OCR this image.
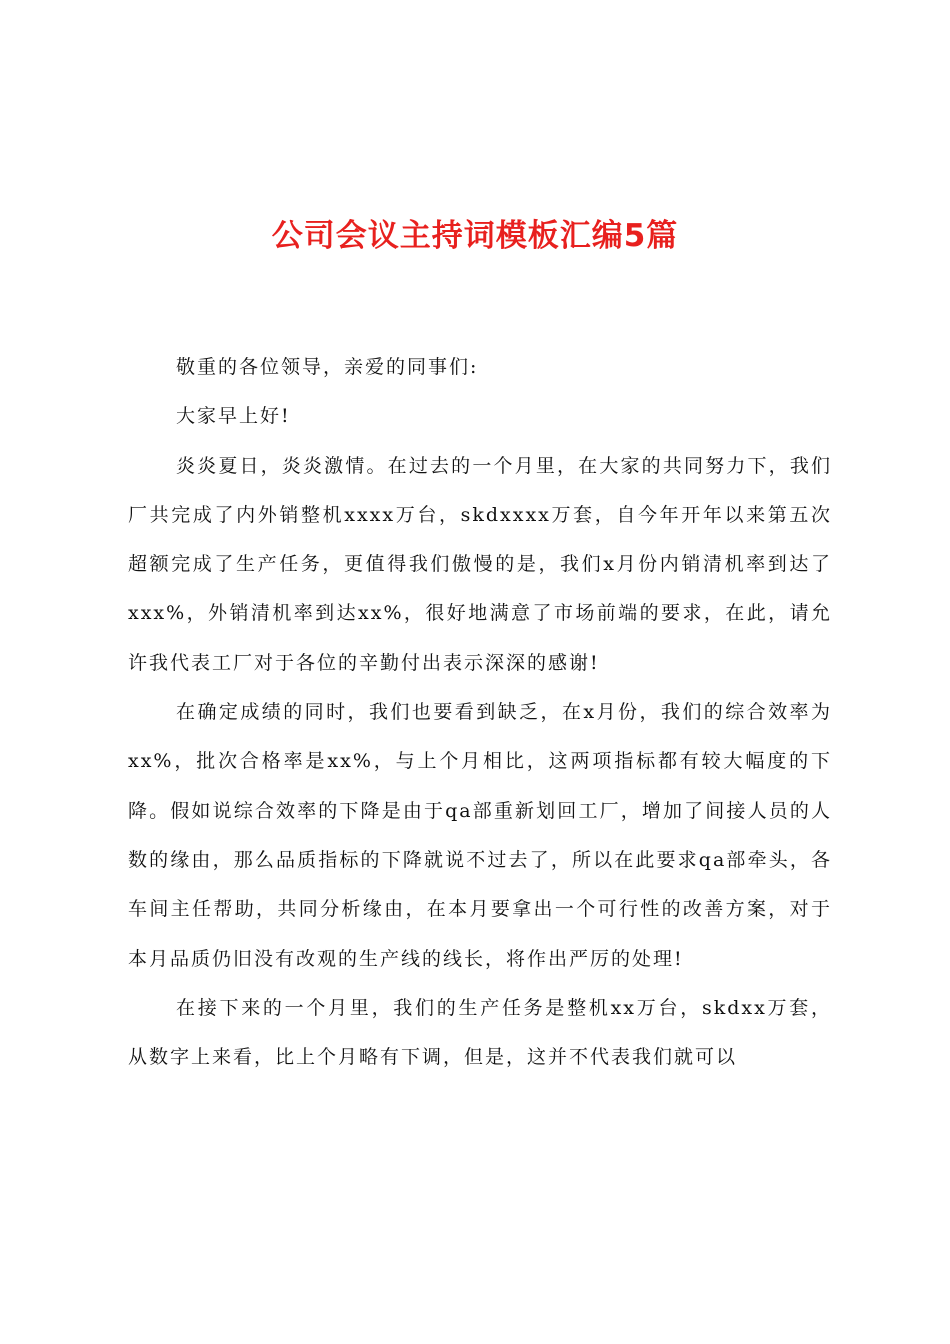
公司会议主持词模板汇编5篇

敬重的各位领导，亲爱的同事们:

大家早上好!

炎炎夏日，炎炎激情。在过去的一个月里，在大家的共同努力下，我们厂共完成了内外销整机xxxx万台，skdxxxx万套，自今年开年以来第五次超额完成了生产任务，更值得我们傲慢的是，我们x月份内销清机率到达了xxx%，外销清机率到达xx%，很好地满意了市场前端的要求，在此，请允许我代表工厂对于各位的辛勤付出表示深深的感谢!

在确定成绩的同时，我们也要看到缺乏，在x月份，我们的综合效率为xx%，批次合格率是xx%，与上个月相比，这两项指标都有较大幅度的下降。假如说综合效率的下降是由于qa部重新划回工厂，增加了间接人员的人数的缘由，那么品质指标的下降就说不过去了，所以在此要求qa部牵头，各车间主任帮助，共同分析缘由，在本月要拿出一个可行性的改善方案，对于本月品质仍旧没有改观的生产线的线长，将作出严厉的处理!

在接下来的一个月里，我们的生产任务是整机xx万台，skdxx万套，从数字上来看，比上个月略有下调，但是，这并不代表我们就可以
